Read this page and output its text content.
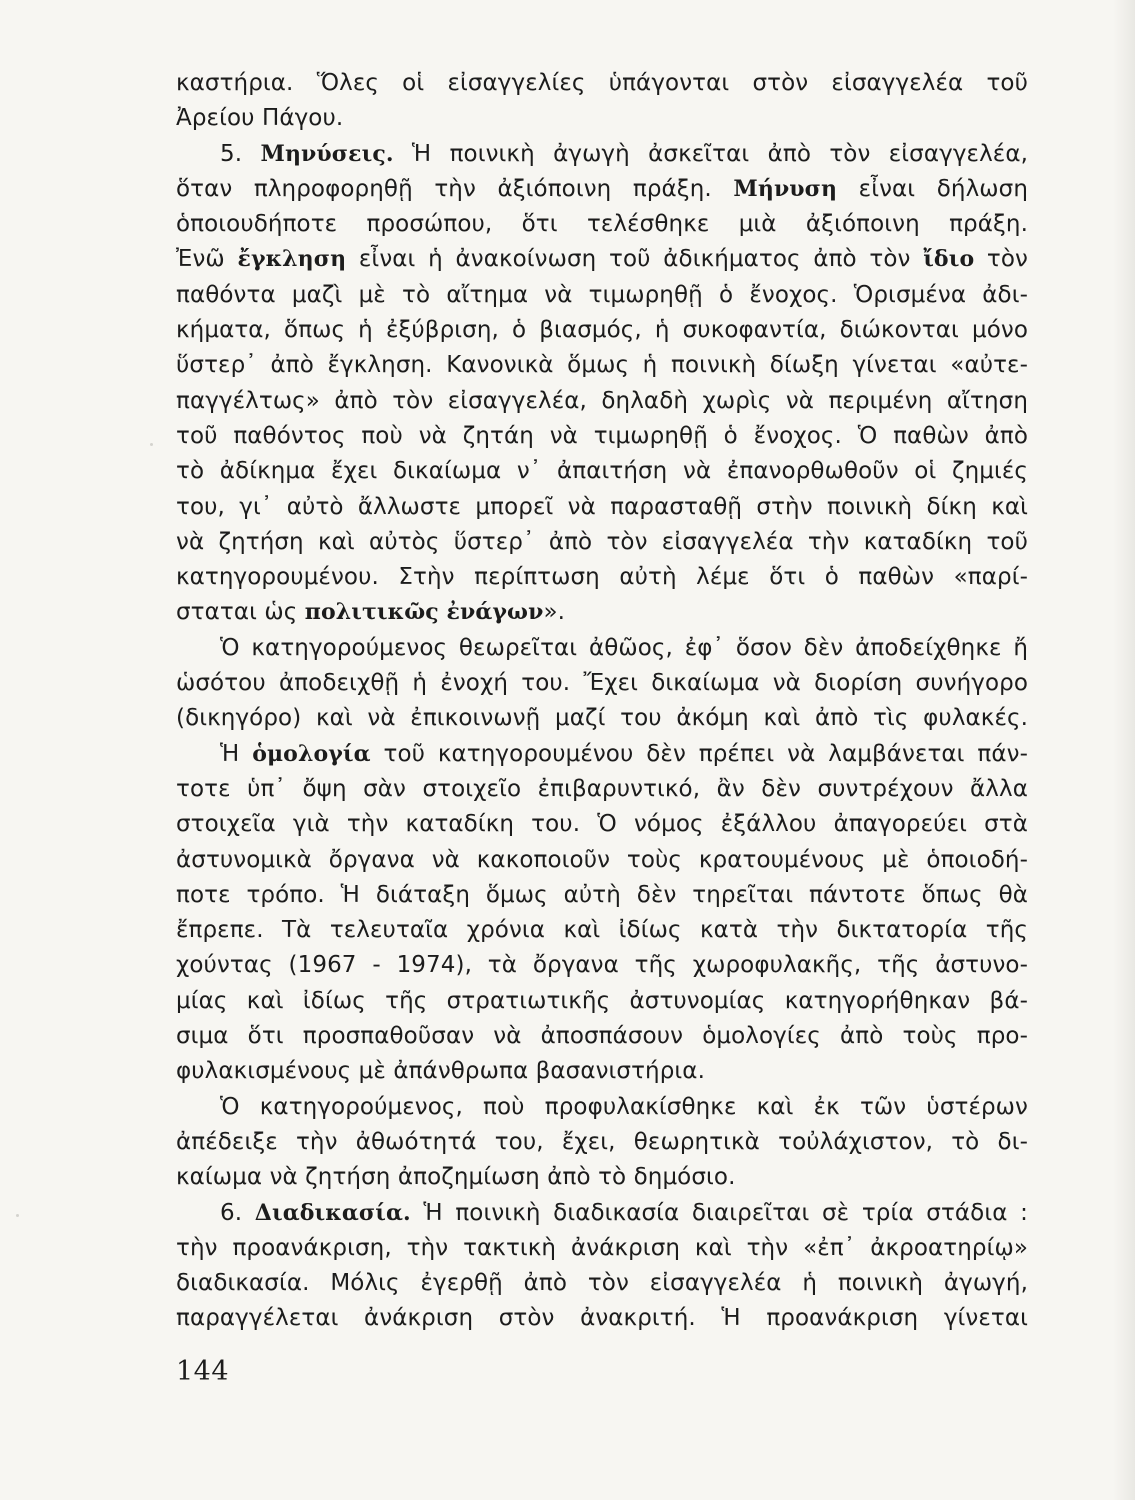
καστήρια. Ὅλες οἱ εἰσαγγελίες ὑπάγονται στὸν εἰσαγγελέα τοῦ
Ἀρείου Πάγου.
5. Μηνύσεις. Ἡ ποινικὴ ἀγωγὴ ἀσκεῖται ἀπὸ τὸν εἰσαγγελέα,
ὅταν πληροφορηθῇ τὴν ἀξιόποινη πράξη. Μήνυση εἶναι δήλωση
ὁποιουδήποτε προσώπου, ὅτι τελέσθηκε μιὰ ἀξιόποινη πράξη.
Ἐνῶ ἔγκληση εἶναι ἡ ἀνακοίνωση τοῦ ἀδικήματος ἀπὸ τὸν ἴδιο τὸν
παθόντα μαζὶ μὲ τὸ αἴτημα νὰ τιμωρηθῇ ὁ ἔνοχος. Ὁρισμένα ἀδι-
κήματα, ὅπως ἡ ἐξύβριση, ὁ βιασμός, ἡ συκοφαντία, διώκονται μόνο
ὕστερ᾽ ἀπὸ ἔγκληση. Κανονικὰ ὅμως ἡ ποινικὴ δίωξη γίνεται «αὐτε-
παγγέλτως» ἀπὸ τὸν εἰσαγγελέα, δηλαδὴ χωρὶς νὰ περιμένη αἴτηση
τοῦ παθόντος ποὺ νὰ ζητάη νὰ τιμωρηθῇ ὁ ἔνοχος. Ὁ παθὼν ἀπὸ
τὸ ἀδίκημα ἔχει δικαίωμα ν᾽ ἀπαιτήση νὰ ἐπανορθωθοῦν οἱ ζημιές
του, γι᾽ αὐτὸ ἄλλωστε μπορεῖ νὰ παρασταθῇ στὴν ποινικὴ δίκη καὶ
νὰ ζητήση καὶ αὐτὸς ὕστερ᾽ ἀπὸ τὸν εἰσαγγελέα τὴν καταδίκη τοῦ
κατηγορουμένου. Στὴν περίπτωση αὐτὴ λέμε ὅτι ὁ παθὼν «παρί-
σταται ὡς πολιτικῶς ἐνάγων».
Ὁ κατηγορούμενος θεωρεῖται ἀθῶος, ἐφ᾽ ὅσον δὲν ἀποδείχθηκε ἤ
ὡσότου ἀποδειχθῇ ἡ ἐνοχή του. Ἔχει δικαίωμα νὰ διορίση συνήγορο
(δικηγόρο) καὶ νὰ ἐπικοινωνῇ μαζί του ἀκόμη καὶ ἀπὸ τὶς φυλακές.
Ἡ ὁμολογία τοῦ κατηγορουμένου δὲν πρέπει νὰ λαμβάνεται πάν-
τοτε ὑπ᾽ ὄψη σὰν στοιχεῖο ἐπιβαρυντικό, ἂν δὲν συντρέχουν ἄλλα
στοιχεῖα γιὰ τὴν καταδίκη του. Ὁ νόμος ἐξάλλου ἀπαγορεύει στὰ
ἀστυνομικὰ ὄργανα νὰ κακοποιοῦν τοὺς κρατουμένους μὲ ὁποιοδή-
ποτε τρόπο. Ἡ διάταξη ὅμως αὐτὴ δὲν τηρεῖται πάντοτε ὅπως θὰ
ἔπρεπε. Τὰ τελευταῖα χρόνια καὶ ἰδίως κατὰ τὴν δικτατορία τῆς
χούντας (1967 - 1974), τὰ ὄργανα τῆς χωροφυλακῆς, τῆς ἀστυνο-
μίας καὶ ἰδίως τῆς στρατιωτικῆς ἀστυνομίας κατηγορήθηκαν βά-
σιμα ὅτι προσπαθοῦσαν νὰ ἀποσπάσουν ὁμολογίες ἀπὸ τοὺς προ-
φυλακισμένους μὲ ἀπάνθρωπα βασανιστήρια.
Ὁ κατηγορούμενος, ποὺ προφυλακίσθηκε καὶ ἐκ τῶν ὑστέρων
ἀπέδειξε τὴν ἀθωότητά του, ἔχει, θεωρητικὰ τοὐλάχιστον, τὸ δι-
καίωμα νὰ ζητήση ἀποζημίωση ἀπὸ τὸ δημόσιο.
6. Διαδικασία. Ἡ ποινικὴ διαδικασία διαιρεῖται σὲ τρία στάδια :
τὴν προανάκριση, τὴν τακτικὴ ἀνάκριση καὶ τὴν «ἐπ᾽ ἀκροατηρίῳ»
διαδικασία. Μόλις ἐγερθῇ ἀπὸ τὸν εἰσαγγελέα ἡ ποινικὴ ἀγωγή,
παραγγέλεται ἀνάκριση στὸν ἀνακριτή. Ἡ προανάκριση γίνεται
144
